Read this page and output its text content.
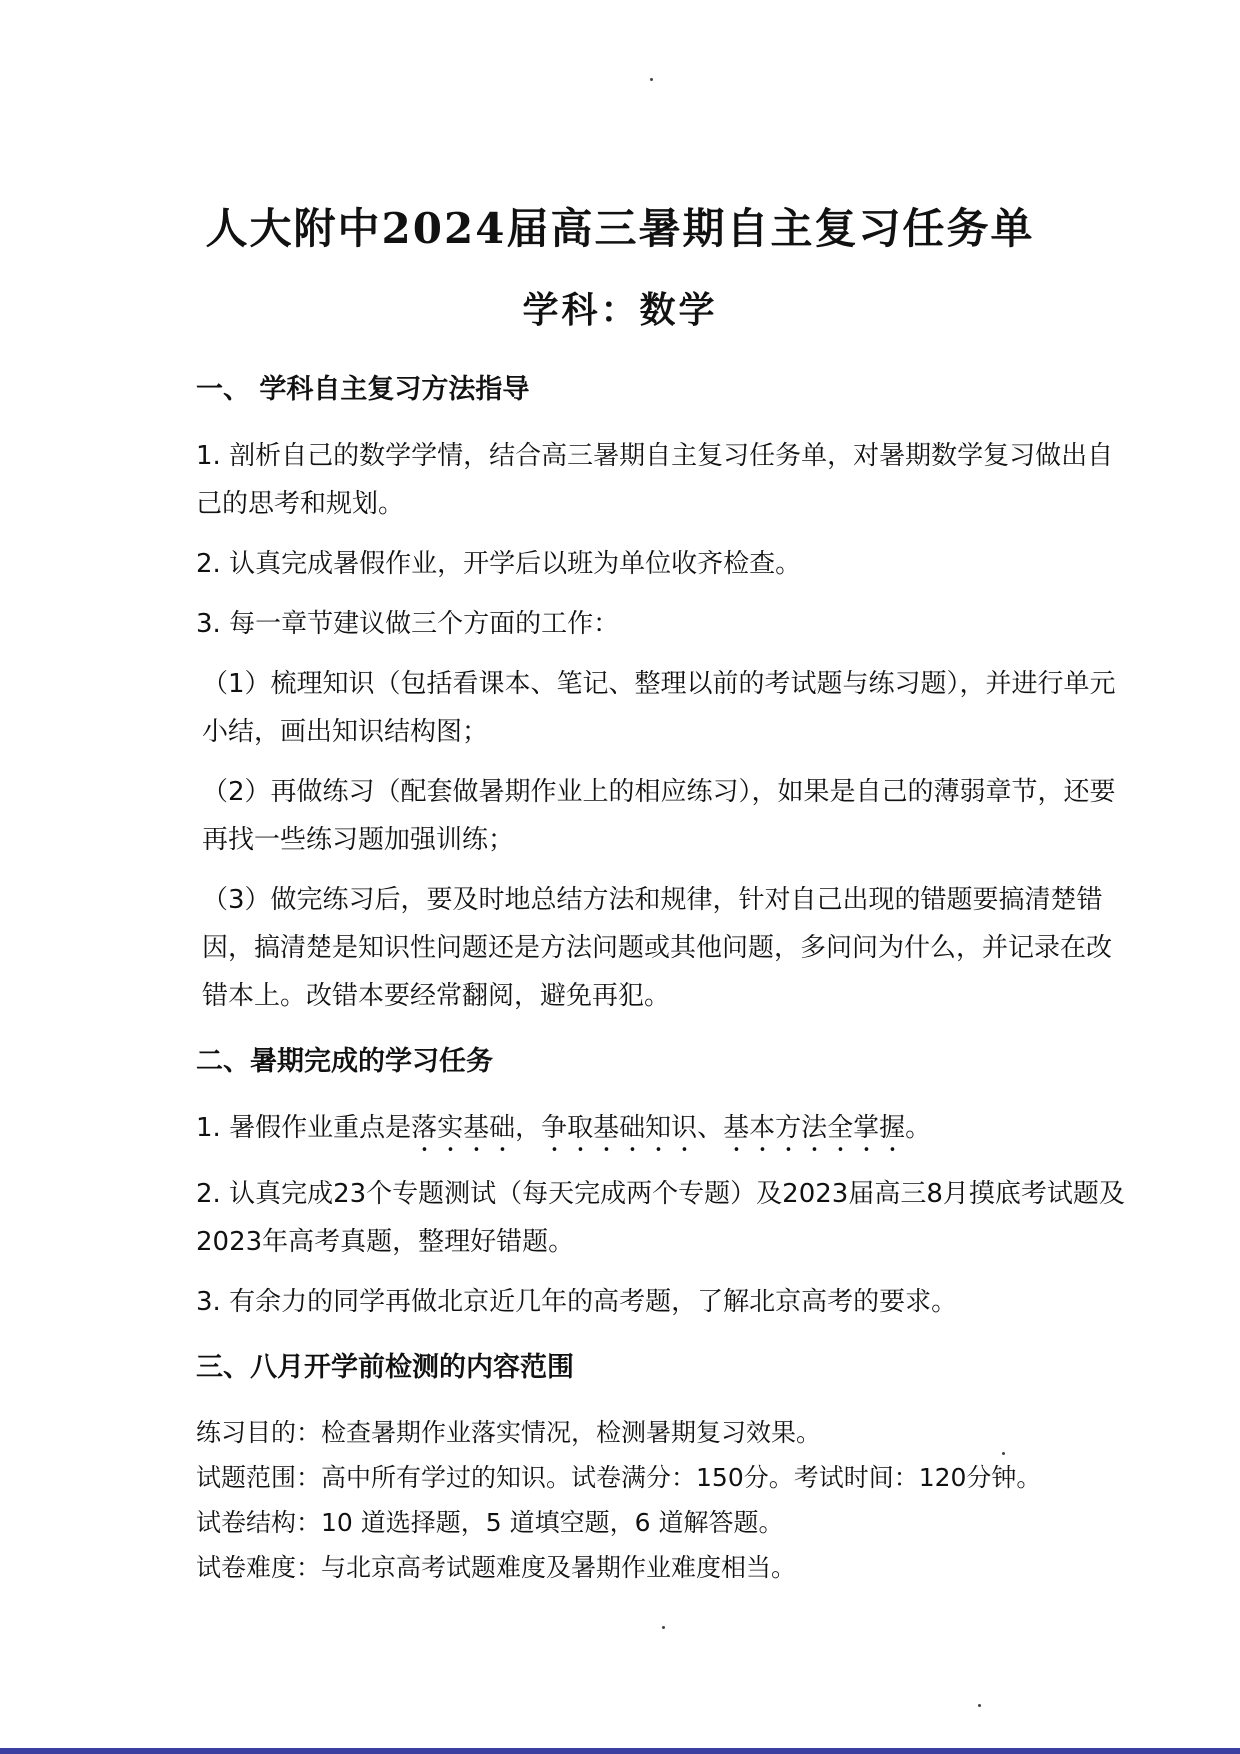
人大附中2024届高三暑期自主复习任务单
学科：数学

一、 学科自主复习方法指导

1. 剖析自己的数学学情，结合高三暑期自主复习任务单，对暑期数学复习做出自己的思考和规划。

2. 认真完成暑假作业，开学后以班为单位收齐检查。

3. 每一章节建议做三个方面的工作：

（1）梳理知识（包括看课本、笔记、整理以前的考试题与练习题），并进行单元小结，画出知识结构图；

（2）再做练习（配套做暑期作业上的相应练习），如果是自己的薄弱章节，还要再找一些练习题加强训练；

（3）做完练习后，要及时地总结方法和规律，针对自己出现的错题要搞清楚错因，搞清楚是知识性问题还是方法问题或其他问题，多问问为什么，并记录在改错本上。改错本要经常翻阅，避免再犯。

二、暑期完成的学习任务

1. 暑假作业重点是落实基础，争取基础知识、基本方法全掌握。

2. 认真完成23个专题测试（每天完成两个专题）及2023届高三8月摸底考试题及2023年高考真题，整理好错题。

3. 有余力的同学再做北京近几年的高考题，了解北京高考的要求。

三、八月开学前检测的内容范围

练习目的：检查暑期作业落实情况，检测暑期复习效果。

试题范围：高中所有学过的知识。试卷满分：150分。考试时间：120分钟。

试卷结构：10 道选择题，5 道填空题，6 道解答题。

试卷难度：与北京高考试题难度及暑期作业难度相当。
